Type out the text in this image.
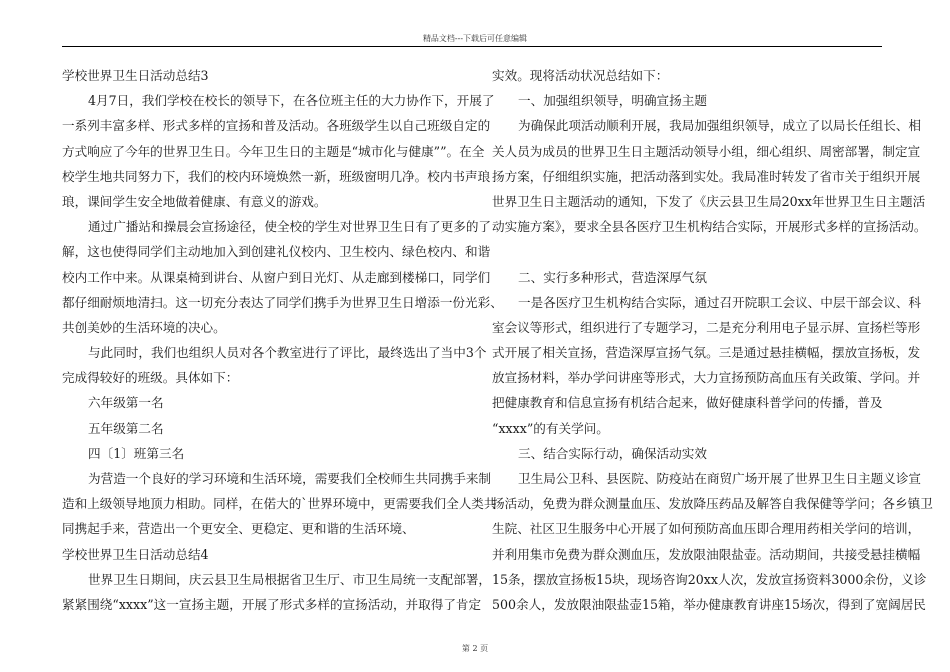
精品文档---下载后可任意编辑
学校世界卫生日活动总结3
4月7日，我们学校在校长的领导下，在各位班主任的大力协作下，开展了
一系列丰富多样、形式多样的宣扬和普及活动。各班级学生以自己班级自定的
方式响应了今年的世界卫生日。今年卫生日的主题是“城市化与健康””。在全
校学生地共同努力下，我们的校内环境焕然一新，班级窗明几净。校内书声琅
琅，课间学生安全地做着健康、有意义的游戏。
通过广播站和操晨会宣扬途径，使全校的学生对世界卫生日有了更多的了
解，这也使得同学们主动地加入到创建礼仪校内、卫生校内、绿色校内、和谐
校内工作中来。从课桌椅到讲台、从窗户到日光灯、从走廊到楼梯口，同学们
都仔细耐烦地清扫。这一切充分表达了同学们携手为世界卫生日增添一份光彩、
共创美妙的生活环境的决心。
与此同时，我们也组织人员对各个教室进行了评比，最终选出了当中3个
完成得较好的班级。具体如下：
六年级第一名
五年级第二名
四〔1〕班第三名
为营造一个良好的学习环境和生活环境，需要我们全校师生共同携手来制
造和上级领导地顶力相助。同样，在偌大的`世界环境中，更需要我们全人类共
同携起手来，营造出一个更安全、更稳定、更和谐的生活环境、
学校世界卫生日活动总结4
世界卫生日期间，庆云县卫生局根据省卫生厅、市卫生局统一支配部署，
紧紧围绕“xxxx”这一宣扬主题，开展了形式多样的宣扬活动，并取得了肯定
实效。现将活动状况总结如下：
一、加强组织领导，明确宣扬主题
为确保此项活动顺利开展，我局加强组织领导，成立了以局长任组长、相
关人员为成员的世界卫生日主题活动领导小组，细心组织、周密部署，制定宣
扬方案，仔细组织实施，把活动落到实处。我局准时转发了省市关于组织开展
世界卫生日主题活动的通知，下发了《庆云县卫生局20xx年世界卫生日主题活
动实施方案》，要求全县各医疗卫生机构结合实际，开展形式多样的宣扬活动。
二、实行多种形式，营造深厚气氛
一是各医疗卫生机构结合实际，通过召开院职工会议、中层干部会议、科
室会议等形式，组织进行了专题学习，二是充分利用电子显示屏、宣扬栏等形
式开展了相关宣扬，营造深厚宣扬气氛。三是通过悬挂横幅，摆放宣扬板，发
放宣扬材料，举办学问讲座等形式，大力宣扬预防高血压有关政策、学问。并
把健康教育和信息宣扬有机结合起来，做好健康科普学问的传播，普及
“xxxx”的有关学问。
三、结合实际行动，确保活动实效
卫生局公卫科、县医院、防疫站在商贸广场开展了世界卫生日主题义诊宣
扬活动，免费为群众测量血压、发放降压药品及解答自我保健等学问；各乡镇卫
生院、社区卫生服务中心开展了如何预防高血压即合理用药相关学问的培训，
并利用集市免费为群众测血压，发放限油限盐壶。活动期间，共接受悬挂横幅
15条，摆放宣扬板15块，现场咨询20xx人次，发放宣扬资料3000余份，义诊
500余人，发放限油限盐壶15箱，举办健康教育讲座15场次，得到了宽阔居民
第 2 页
